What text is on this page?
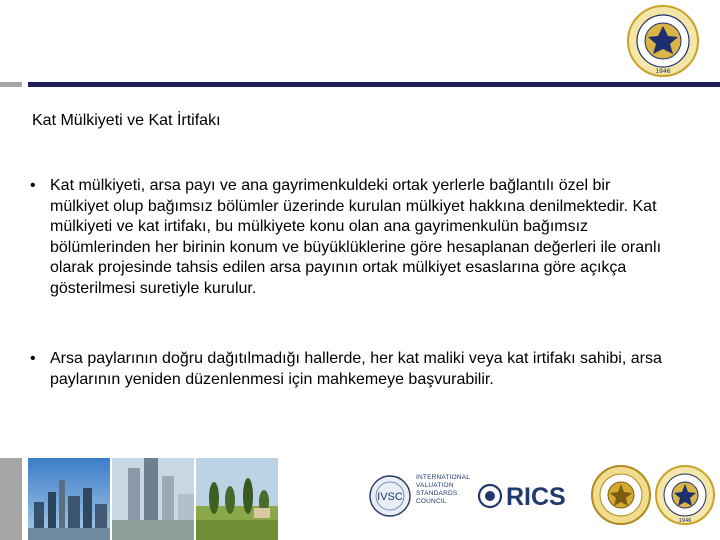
1946
Kat Mülkiyeti ve Kat İrtifakı
• Kat mülkiyeti, arsa payı ve ana gayrimenkuldeki ortak yerlerle bağlantılı özel bir mülkiyet olup bağımsız bölümler üzerinde kurulan mülkiyet hakkına denilmektedir. Kat mülkiyeti ve kat irtifakı, bu mülkiyete konu olan ana gayrimenkulün bağımsız bölümlerinden her birinin konum ve büyüklüklerine göre hesaplanan değerleri ile oranlı olarak projesinde tahsis edilen arsa payının ortak mülkiyet esaslarına göre açıkça gösterilmesi suretiyle kurulur.
• Arsa paylarının doğru dağıtılmadığı hallerde, her kat maliki veya kat irtifakı sahibi, arsa paylarının yeniden düzenlenmesi için mahkemeye başvurabilir.
IVSC
INTERNATIONAL
VALUATION
STANDARDS
COUNCIL	RICS
1946
